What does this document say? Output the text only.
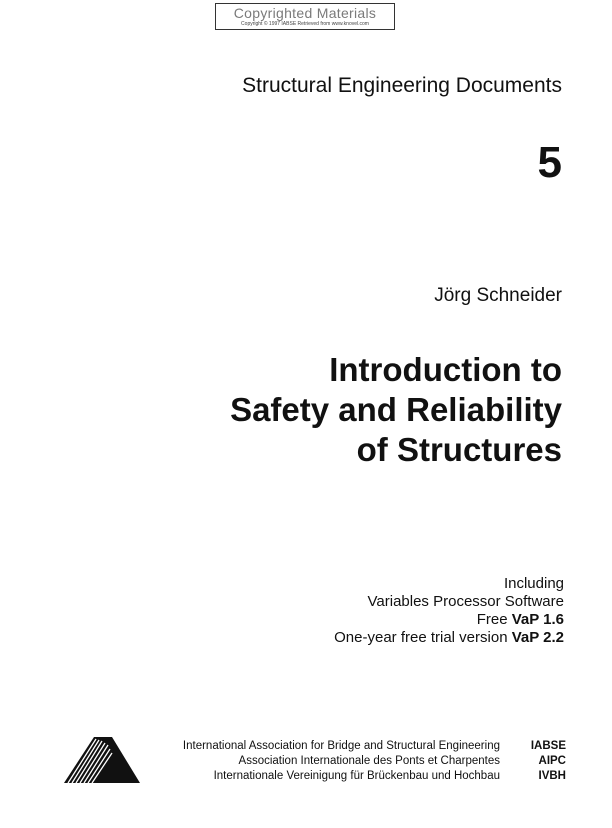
Copyrighted Materials
Copyright © 1997 IABSE Retrieved from www.knovel.com
Structural Engineering Documents
5
Jörg Schneider
Introduction to
Safety and Reliability
of Structures
Including
Variables Processor Software
Free VaP 1.6
One-year free trial version VaP 2.2
International Association for Bridge and Structural Engineering
Association Internationale des Ponts et Charpentes
Internationale Vereinigung für Brückenbau und Hochbau
IABSE
AIPC
IVBH
